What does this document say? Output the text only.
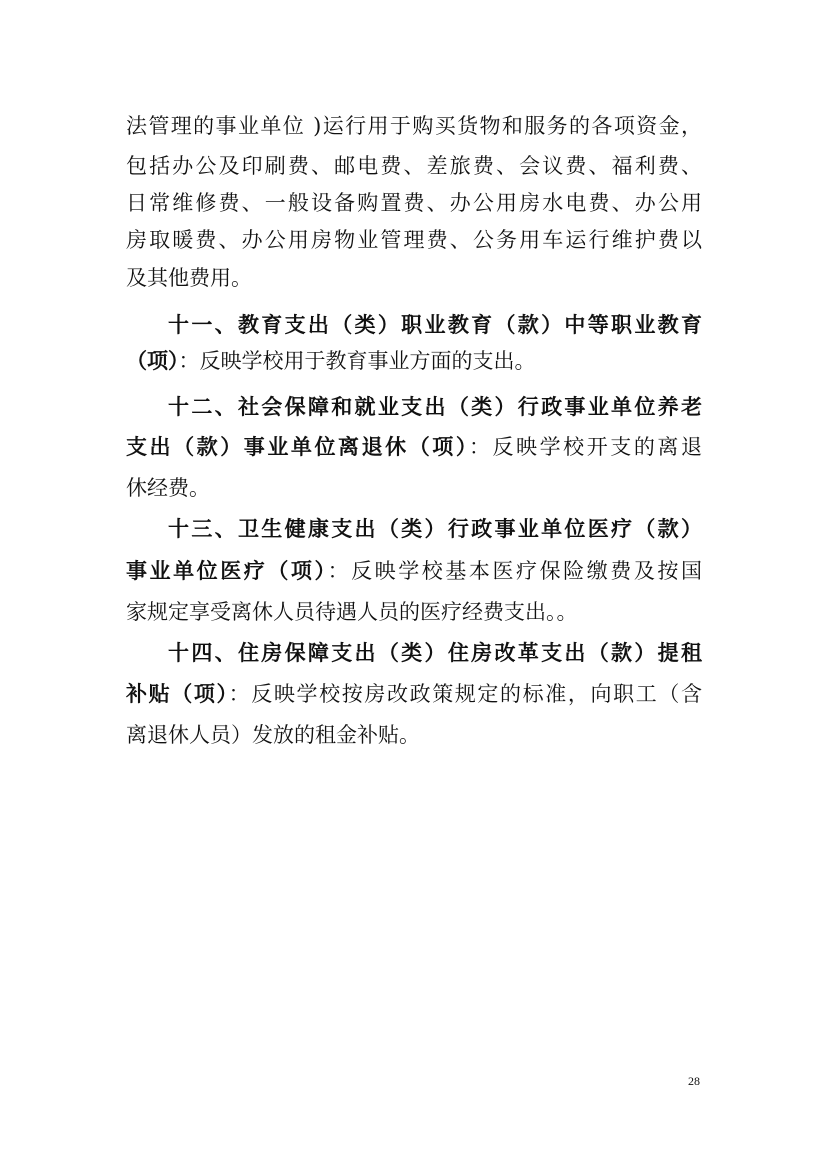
法管理的事业单位 )运行用于购买货物和服务的各项资金，
包括办公及印刷费、邮电费、差旅费、会议费、福利费、
日常维修费、一般设备购置费、办公用房水电费、办公用
房取暖费、办公用房物业管理费、公务用车运行维护费以
及其他费用。
十一、教育支出（类）职业教育（款）中等职业教育
（项）：反映学校用于教育事业方面的支出。
十二、社会保障和就业支出（类）行政事业单位养老
支出（款）事业单位离退休（项）：反映学校开支的离退
休经费。
十三、卫生健康支出（类）行政事业单位医疗（款）
事业单位医疗（项）：反映学校基本医疗保险缴费及按国
家规定享受离休人员待遇人员的医疗经费支出。。
十四、住房保障支出（类）住房改革支出（款）提租
补贴（项）：反映学校按房改政策规定的标准，向职工（含
离退休人员）发放的租金补贴。
28
